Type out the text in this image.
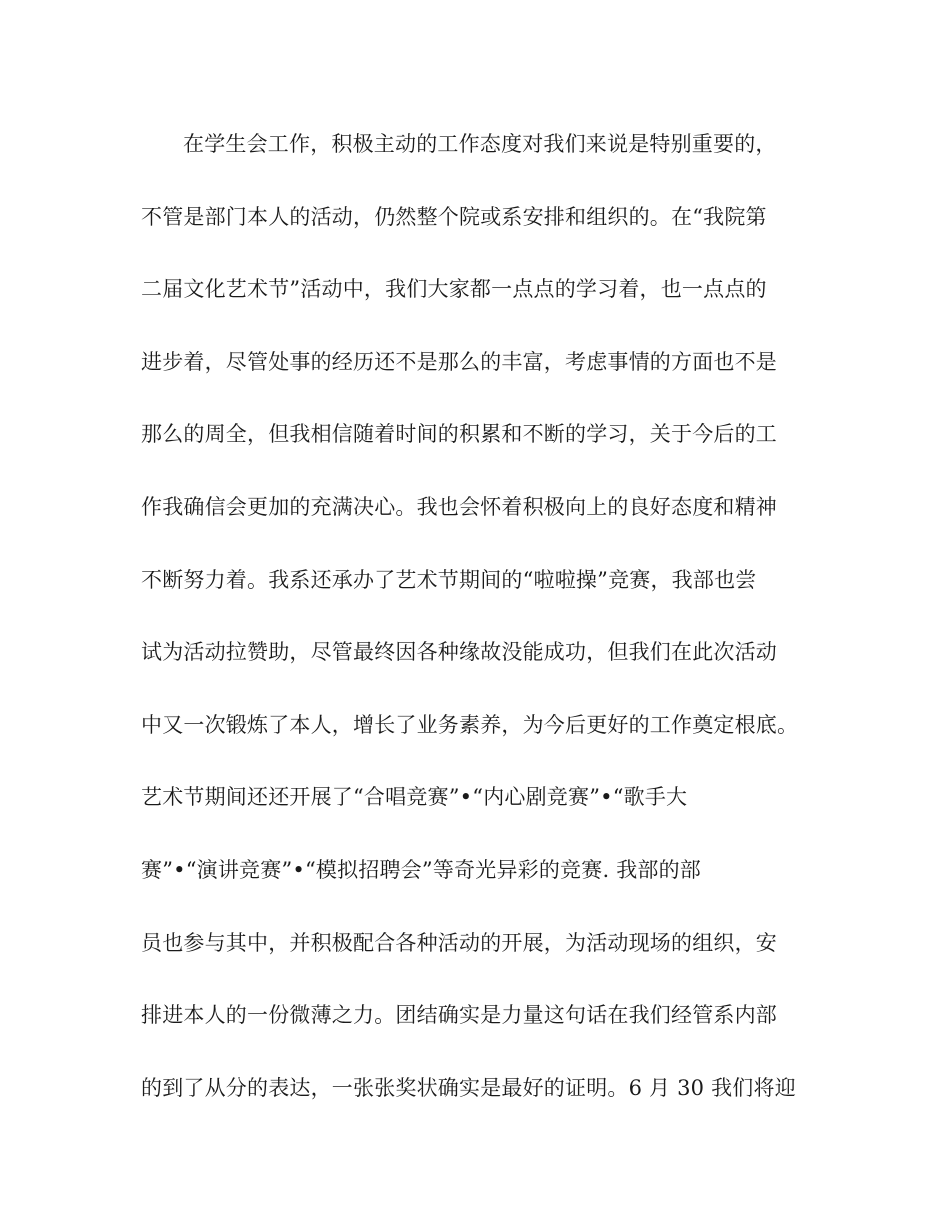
在学生会工作，积极主动的工作态度对我们来说是特别重要的，
不管是部门本人的活动，仍然整个院或系安排和组织的。在“我院第
二届文化艺术节”活动中，我们大家都一点点的学习着，也一点点的
进步着，尽管处事的经历还不是那么的丰富，考虑事情的方面也不是
那么的周全，但我相信随着时间的积累和不断的学习，关于今后的工
作我确信会更加的充满决心。我也会怀着积极向上的良好态度和精神
不断努力着。我系还承办了艺术节期间的“啦啦操”竞赛，我部也尝
试为活动拉赞助，尽管最终因各种缘故没能成功，但我们在此次活动
中又一次锻炼了本人，增长了业务素养，为今后更好的工作奠定根底。
艺术节期间还还开展了“合唱竞赛”•“内心剧竞赛”•“歌手大
赛”•“演讲竞赛”•“模拟招聘会”等奇光异彩的竞赛. 我部的部
员也参与其中，并积极配合各种活动的开展，为活动现场的组织，安
排进本人的一份微薄之力。团结确实是力量这句话在我们经管系内部
的到了从分的表达，一张张奖状确实是最好的证明。6 月 30 我们将迎
